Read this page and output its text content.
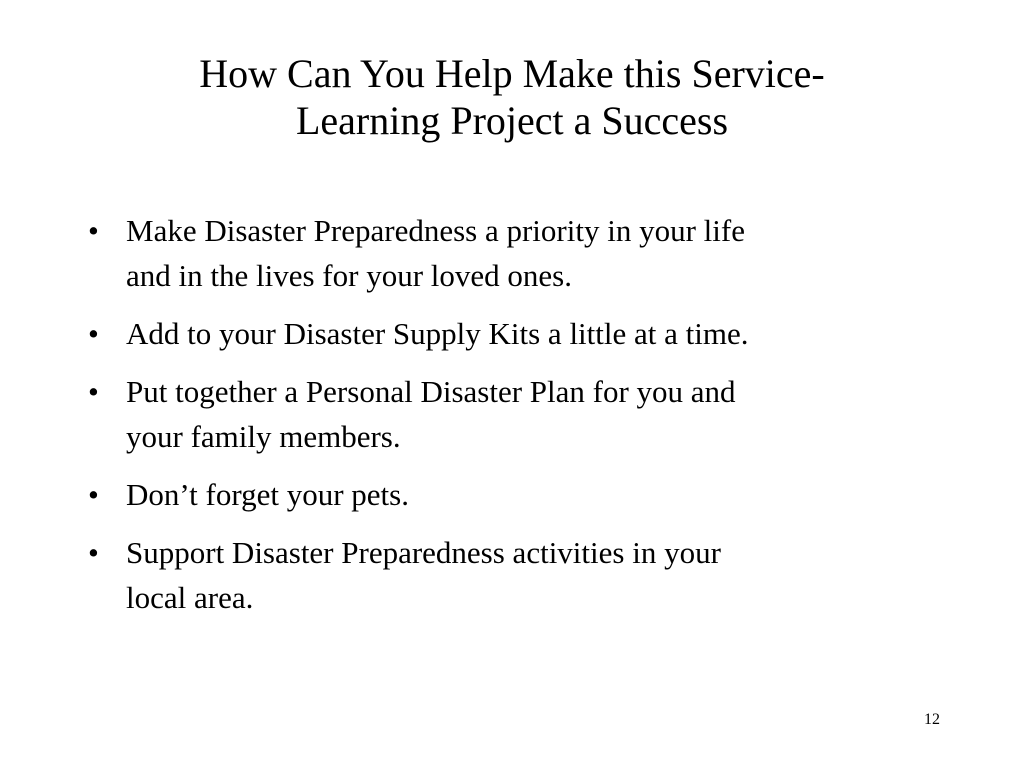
How Can You Help Make this Service-
Learning Project a Success
• Make Disaster Preparedness a priority in your life
and in the lives for your loved ones.
• Add to your Disaster Supply Kits a little at a time.
• Put together a Personal Disaster Plan for you and
your family members.
• Don’t forget your pets.
• Support Disaster Preparedness activities in your
local area.
12
